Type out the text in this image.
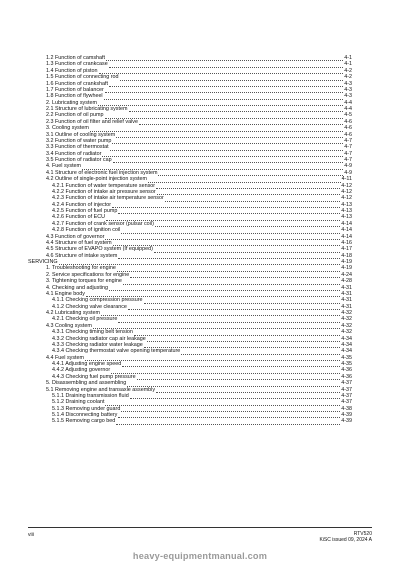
1.2 Function of camshaft	4-1
1.3 Function of crankcase	4-1
1.4 Function of piston	4-2
1.5 Function of connecting rod	4-2
1.6 Function of crankshaft	4-3
1.7 Function of balancer	4-3
1.8 Function of flywheel	4-3
2. Lubricating system	4-4
2.1 Structure of lubricating system	4-4
2.2 Function of oil pump	4-5
2.3 Function of oil filter and relief valve	4-6
3. Cooling system	4-6
3.1 Outline of cooling system	4-6
3.2 Function of water pump	4-7
3.3 Function of thermostat	4-7
3.4 Function of radiator	4-7
3.5 Function of radiator cap	4-7
4. Fuel system	4-9
4.1 Structure of electronic fuel injection system	4-9
4.2 Outline of single-point injection system	4-11
4.2.1 Function of water temperature sensor	4-12
4.2.2 Function of intake air pressure sensor	4-12
4.2.3 Function of intake air temperature sensor	4-12
4.2.4 Function of injector	4-13
4.2.5 Function of fuel pump	4-13
4.2.6 Function of ECU	4-13
4.2.7 Function of crank sensor (pulsar coil)	4-14
4.2.8 Function of ignition coil	4-14
4.3 Function of governor	4-14
4.4 Structure of fuel system	4-16
4.5 Structure of EVAPO system (If equipped)	4-17
4.6 Structure of intake system	4-18
SERVICING	4-19
1. Troubleshooting for engine	4-19
2. Service specifications for engine	4-24
3. Tightening torques for engine	4-28
4. Checking and adjusting	4-31
4.1 Engine body	4-31
4.1.1 Checking compression pressure	4-31
4.1.2 Checking valve clearance	4-31
4.2 Lubricating system	4-32
4.2.1 Checking oil pressure	4-32
4.3 Cooling system	4-32
4.3.1 Checking timing belt tension	4-32
4.3.2 Checking radiator cap air leakage	4-34
4.3.3 Checking radiator water leakage	4-34
4.3.4 Checking thermostat valve opening temperature	4-34
4.4 Fuel system	4-35
4.4.1 Adjusting engine speed	4-35
4.4.2 Adjusting governor	4-36
4.4.3 Checking fuel pump pressure	4-36
5. Disassembling and assembling	4-37
5.1 Removing engine and transaxle assembly	4-37
5.1.1 Draining transmission fluid	4-37
5.1.2 Draining coolant	4-37
5.1.3 Removing under guard	4-38
5.1.4 Disconnecting battery	4-39
5.1.5 Removing cargo bed	4-39
viii	RTV520
KiSC issued 09, 2024 A
heavy-equipmentmanual.com
